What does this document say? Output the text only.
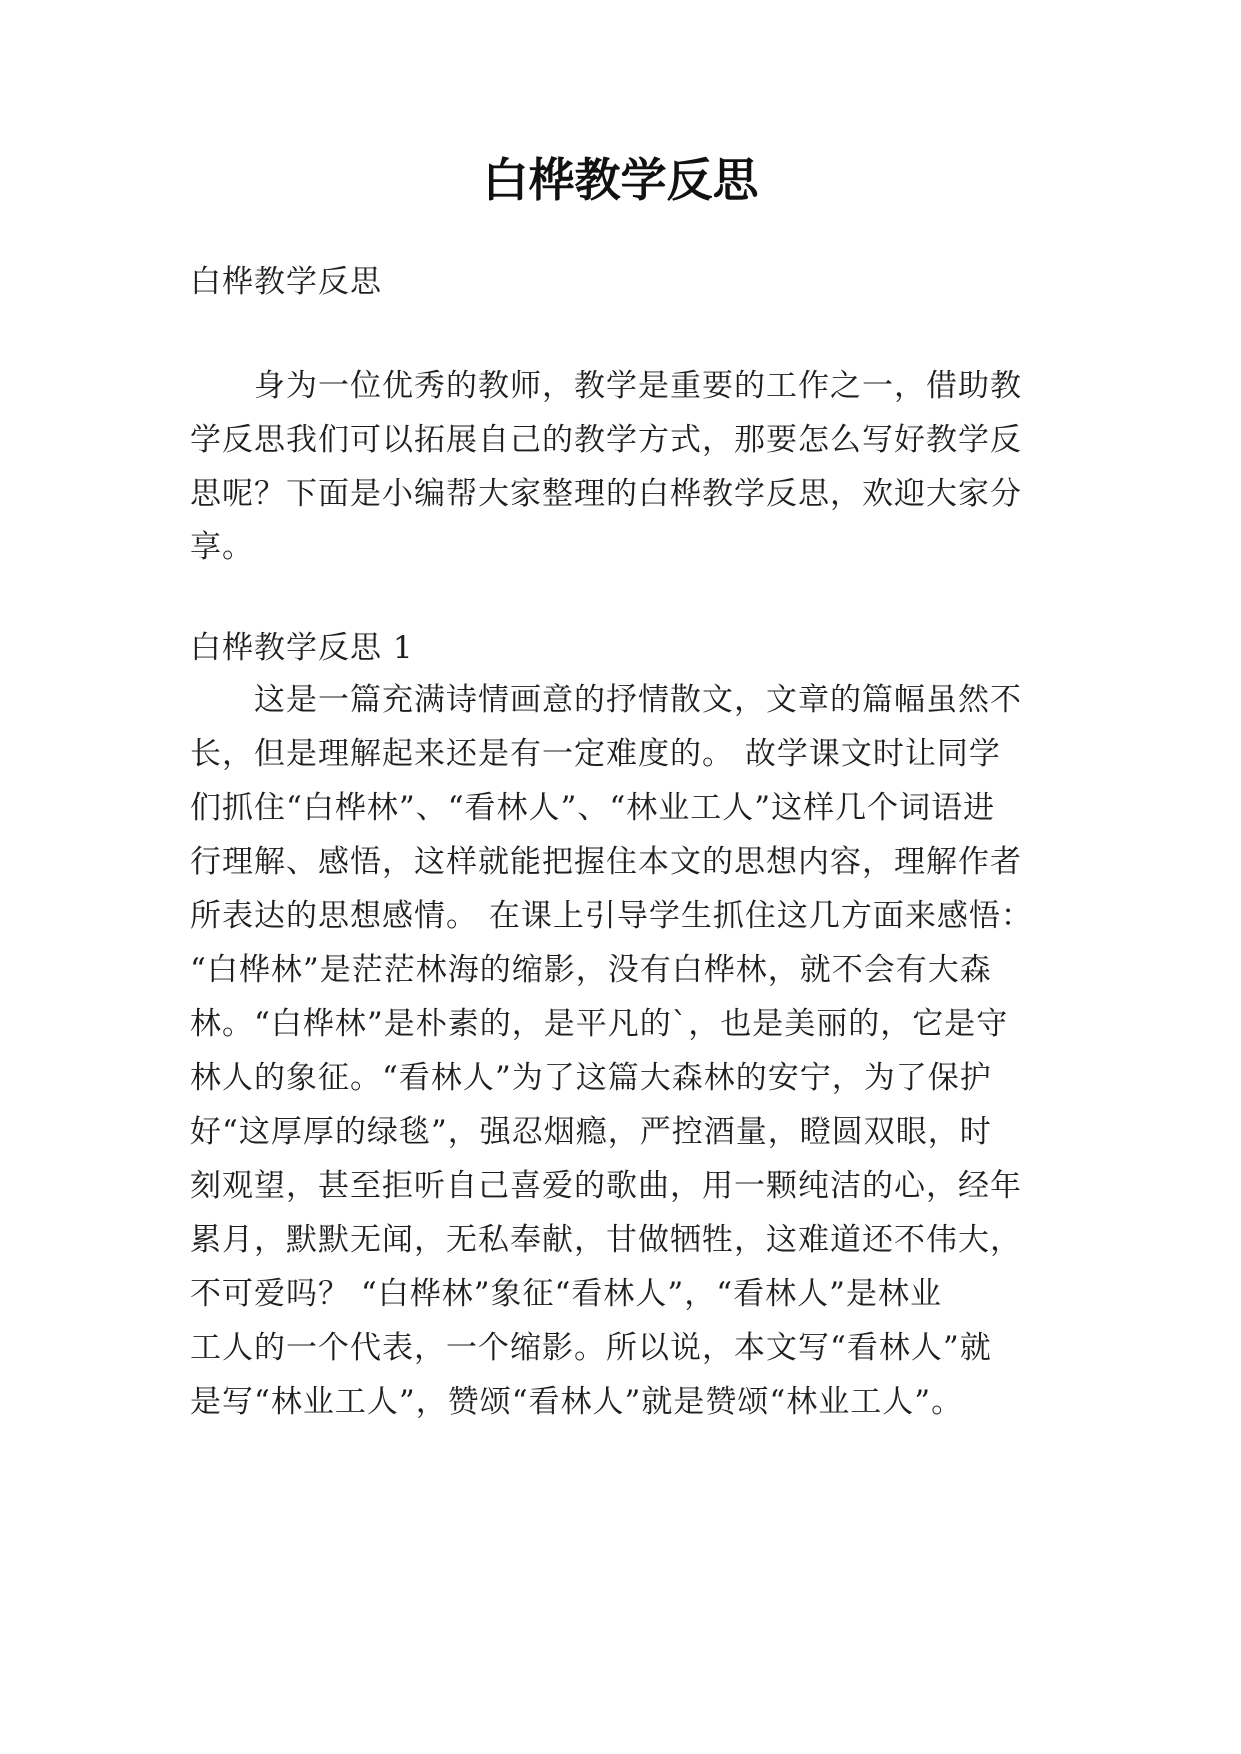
白桦教学反思
白桦教学反思
身为一位优秀的教师，教学是重要的工作之一，借助教
学反思我们可以拓展自己的教学方式，那要怎么写好教学反
思呢？下面是小编帮大家整理的白桦教学反思，欢迎大家分
享。
白桦教学反思 1
这是一篇充满诗情画意的抒情散文，文章的篇幅虽然不
长，但是理解起来还是有一定难度的。 故学课文时让同学
们抓住“白桦林”、“看林人”、“林业工人”这样几个词语进
行理解、感悟，这样就能把握住本文的思想内容，理解作者
所表达的思想感情。 在课上引导学生抓住这几方面来感悟：
“白桦林”是茫茫林海的缩影，没有白桦林，就不会有大森
林。“白桦林”是朴素的，是平凡的`，也是美丽的，它是守
林人的象征。“看林人”为了这篇大森林的安宁，为了保护
好“这厚厚的绿毯”，强忍烟瘾，严控酒量，瞪圆双眼，时
刻观望，甚至拒听自己喜爱的歌曲，用一颗纯洁的心，经年
累月，默默无闻，无私奉献，甘做牺牲，这难道还不伟大，
不可爱吗？ “白桦林”象征“看林人”，“看林人”是林业
工人的一个代表，一个缩影。所以说，本文写“看林人”就
是写“林业工人”，赞颂“看林人”就是赞颂“林业工人”。
